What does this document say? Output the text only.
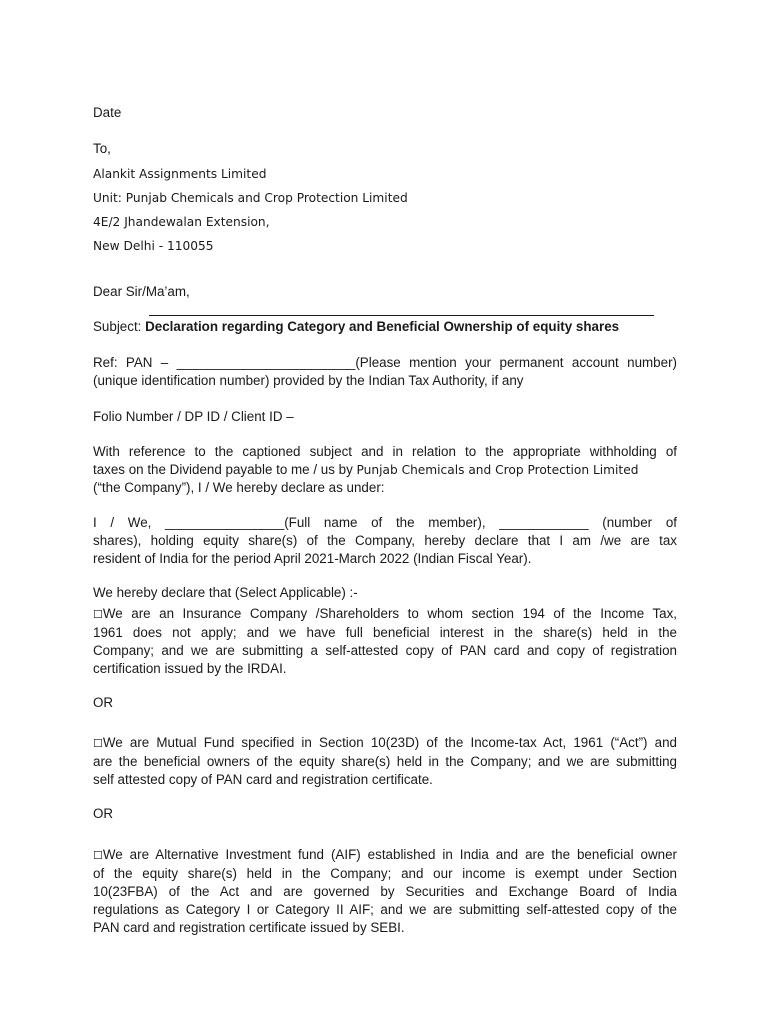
Date
To,
Alankit Assignments Limited
Unit: Punjab Chemicals and Crop Protection Limited
4E/2 Jhandewalan Extension,
New Delhi - 110055
Dear Sir/Ma’am,
Subject: Declaration regarding Category and Beneficial Ownership of equity shares
Ref: PAN – ________________________(Please mention your permanent account number)
(unique identification number) provided by the Indian Tax Authority, if any
Folio Number / DP ID / Client ID –
With reference to the captioned subject and in relation to the appropriate withholding of
taxes on the Dividend payable to me / us by Punjab Chemicals and Crop Protection Limited
(“the Company”), I / We hereby declare as under:
I / We, ________________(Full name of the member), ____________ (number of
shares), holding equity share(s) of the Company, hereby declare that I am /we are tax
resident of India for the period April 2021-March 2022 (Indian Fiscal Year).
We hereby declare that (Select Applicable) :-
☐We are an Insurance Company /Shareholders to whom section 194 of the Income Tax,
1961 does not apply; and we have full beneficial interest in the share(s) held in the
Company; and we are submitting a self-attested copy of PAN card and copy of registration
certification issued by the IRDAI.
OR
☐We are Mutual Fund specified in Section 10(23D) of the Income-tax Act, 1961 (“Act”) and
are the beneficial owners of the equity share(s) held in the Company; and we are submitting
self attested copy of PAN card and registration certificate.
OR
☐We are Alternative Investment fund (AIF) established in India and are the beneficial owner
of the equity share(s) held in the Company; and our income is exempt under Section
10(23FBA) of the Act and are governed by Securities and Exchange Board of India
regulations as Category I or Category II AIF; and we are submitting self-attested copy of the
PAN card and registration certificate issued by SEBI.
